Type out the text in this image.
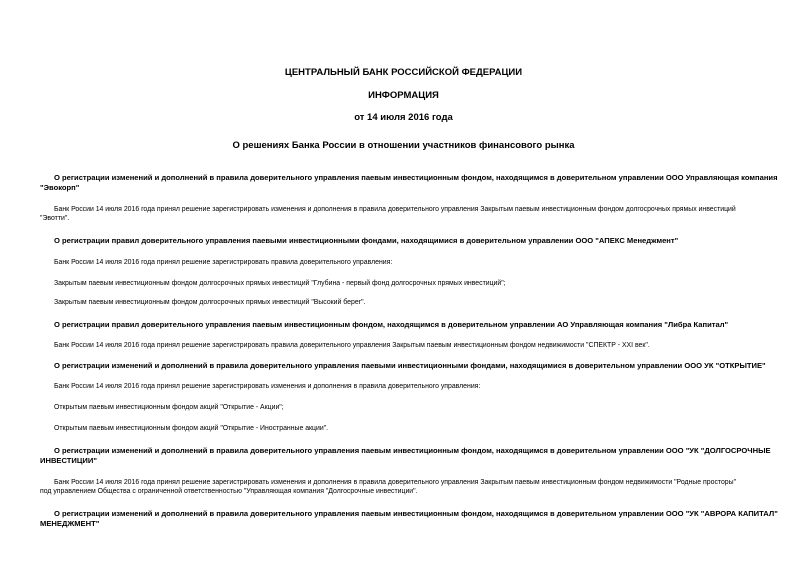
ЦЕНТРАЛЬНЫЙ БАНК РОССИЙСКОЙ ФЕДЕРАЦИИ
ИНФОРМАЦИЯ
от 14 июля 2016 года
О решениях Банка России в отношении участников финансового рынка
О регистрации изменений и дополнений в правила доверительного управления паевым инвестиционным фондом, находящимся в доверительном управлении ООО Управляющая компания
"Эвокорп"
Банк России 14 июля 2016 года принял решение зарегистрировать изменения и дополнения в правила доверительного управления Закрытым паевым инвестиционным фондом долгосрочных прямых инвестиций
"Эвотти".
О регистрации правил доверительного управления паевыми инвестиционными фондами, находящимися в доверительном управлении ООО "АПЕКС Менеджмент"
Банк России 14 июля 2016 года принял решение зарегистрировать правила доверительного управления:
Закрытым паевым инвестиционным фондом долгосрочных прямых инвестиций "Глубина - первый фонд долгосрочных прямых инвестиций";
Закрытым паевым инвестиционным фондом долгосрочных прямых инвестиций "Высокий берег".
О регистрации правил доверительного управления паевым инвестиционным фондом, находящимся в доверительном управлении АО Управляющая компания "Либра Капитал"
Банк России 14 июля 2016 года принял решение зарегистрировать правила доверительного управления Закрытым паевым инвестиционным фондом недвижимости "СПЕКТР - XXI век".
О регистрации изменений и дополнений в правила доверительного управления паевыми инвестиционными фондами, находящимися в доверительном управлении ООО УК "ОТКРЫТИЕ"
Банк России 14 июля 2016 года принял решение зарегистрировать изменения и дополнения в правила доверительного управления:
Открытым паевым инвестиционным фондом акций "Открытие - Акции";
Открытым паевым инвестиционным фондом акций "Открытие - Иностранные акции".
О регистрации изменений и дополнений в правила доверительного управления паевым инвестиционным фондом, находящимся в доверительном управлении ООО "УК "ДОЛГОСРОЧНЫЕ
ИНВЕСТИЦИИ"
Банк России 14 июля 2016 года принял решение зарегистрировать изменения и дополнения в правила доверительного управления Закрытым паевым инвестиционным фондом недвижимости "Родные просторы"
под управлением Общества с ограниченной ответственностью "Управляющая компания "Долгосрочные инвестиции".
О регистрации изменений и дополнений в правила доверительного управления паевым инвестиционным фондом, находящимся в доверительном управлении ООО "УК "АВРОРА КАПИТАЛ"
МЕНЕДЖМЕНТ"
